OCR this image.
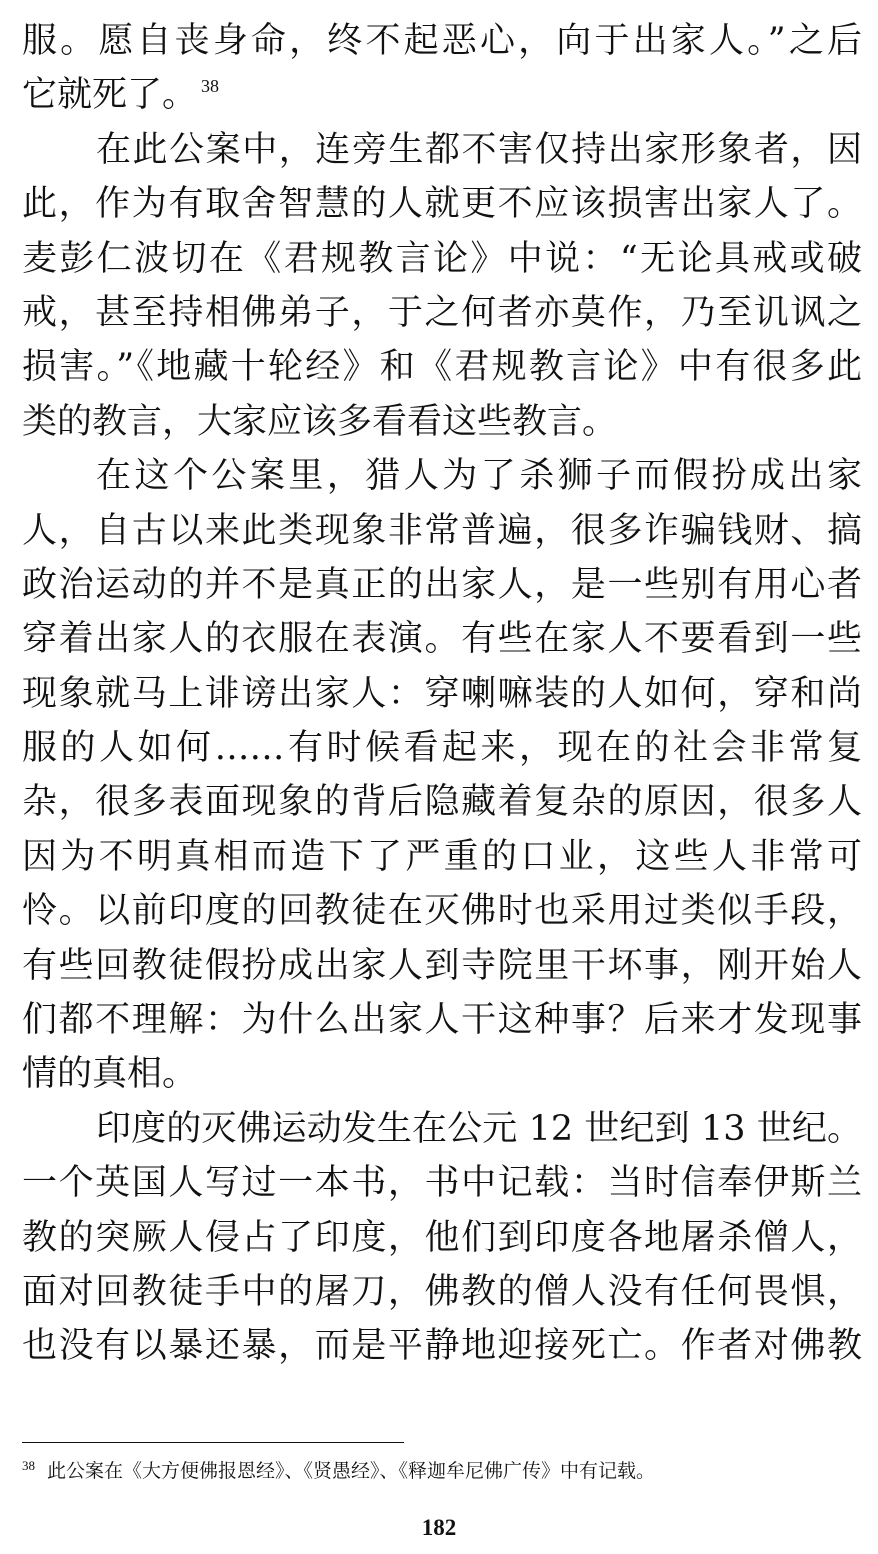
服。愿自丧身命，终不起恶心，向于出家人。”之后
它就死了。 $^{38}$
在此公案中，连旁生都不害仅持出家形象者，因
此，作为有取舍智慧的人就更不应该损害出家人了。
麦彭仁波切在《君规教言论》中说：“无论具戒或破
戒，甚至持相佛弟子，于之何者亦莫作，乃至讥讽之
损害。”《地藏十轮经》和《君规教言论》中有很多此
类的教言，大家应该多看看这些教言。
在这个公案里，猎人为了杀狮子而假扮成出家
人，自古以来此类现象非常普遍，很多诈骗钱财、搞
政治运动的并不是真正的出家人，是一些别有用心者
穿着出家人的衣服在表演。有些在家人不要看到一些
现象就马上诽谤出家人：穿喇嘛装的人如何，穿和尚
服的人如何……有时候看起来，现在的社会非常复
杂，很多表面现象的背后隐藏着复杂的原因，很多人
因为不明真相而造下了严重的口业，这些人非常可
怜。以前印度的回教徒在灭佛时也采用过类似手段，
有些回教徒假扮成出家人到寺院里干坏事，刚开始人
们都不理解：为什么出家人干这种事？后来才发现事
情的真相。
印度的灭佛运动发生在公元 12 世纪到 13 世纪。
一个英国人写过一本书，书中记载：当时信奉伊斯兰
教的突厥人侵占了印度，他们到印度各地屠杀僧人，
面对回教徒手中的屠刀，佛教的僧人没有任何畏惧，
也没有以暴还暴，而是平静地迎接死亡。作者对佛教
$^{38}$ 此公案在《大方便佛报恩经》、《贤愚经》、《释迦牟尼佛广传》中有记载。
182
